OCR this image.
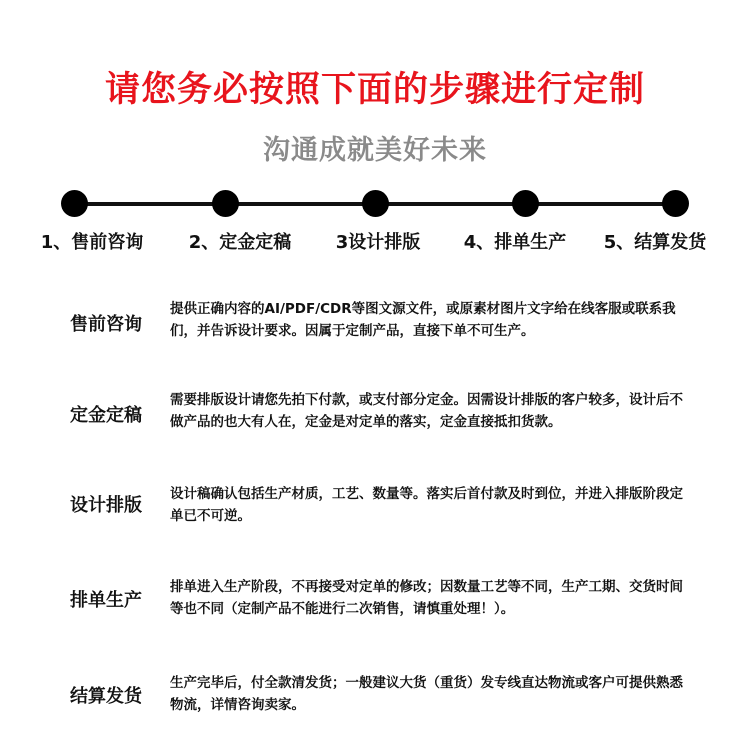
请您务必按照下面的步骤进行定制
沟通成就美好未来
1、售前咨询	2、定金定稿 3设计排版 4、排单生产 5、结算发货
售前咨询
提供正确内容的AI/PDF/CDR等图文源文件，或原素材图片文字给在线客服或联系我们，并告诉设计要求。因属于定制产品，直接下单不可生产。
定金定稿
需要排版设计请您先拍下付款，或支付部分定金。因需设计排版的客户较多，设计后不做产品的也大有人在，定金是对定单的落实，定金直接抵扣货款。
设计排版
设计稿确认包括生产材质，工艺、数量等。落实后首付款及时到位，并进入排版阶段定单已不可逆。
排单生产
排单进入生产阶段，不再接受对定单的修改；因数量工艺等不同，生产工期、交货时间等也不同（定制产品不能进行二次销售，请慎重处理！）。
结算发货
生产完毕后，付全款清发货；一般建议大货（重货）发专线直达物流或客户可提供熟悉物流，详情咨询卖家。
